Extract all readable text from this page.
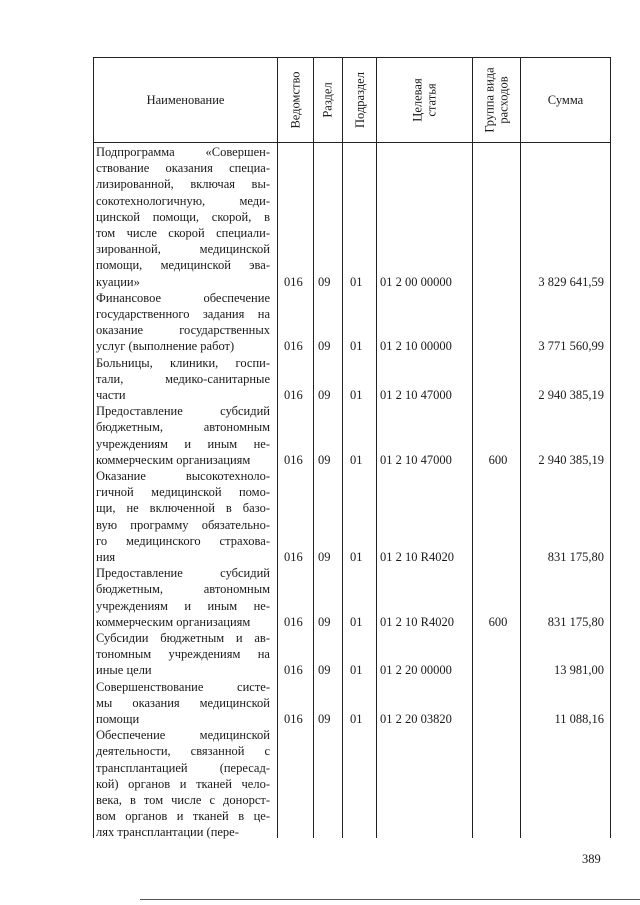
Наименование	Ведомство Раздел Подраздел	Целевая статья	Группа вида расходов	Сумма
Подпрограмма «Совершен-
ствование оказания специа-
лизированной, включая вы-
сокотехнологичную, меди-
цинской помощи, скорой, в
том числе скорой специали-
зированной, медицинской
помощи, медицинской эва-
куации»	016	09	01	01 2 00 00000	3 829 641,59
Финансовое обеспечение
государственного задания на
оказание государственных
услуг (выполнение работ)	016	09	01	01 2 10 00000	3 771 560,99
Больницы, клиники, госпи-
тали, медико-санитарные
части	016	09	01	01 2 10 47000	2 940 385,19
Предоставление субсидий
бюджетным, автономным
учреждениям и иным не-
коммерческим организациям	016	09	01	01 2 10 47000	600	2 940 385,19
Оказание высокотехноло-
гичной медицинской помо-
щи, не включенной в базо-
вую программу обязательно-
го медицинского страхова-
ния	016	09	01	01 2 10 R4020	831 175,80
Предоставление субсидий
бюджетным, автономным
учреждениям и иным не-
коммерческим организациям	016	09	01	01 2 10 R4020	600	831 175,80
Субсидии бюджетным и ав-
тономным учреждениям на
иные цели	016	09	01	01 2 20 00000	13 981,00
Совершенствование систе-
мы оказания медицинской
помощи	016	09	01	01 2 20 03820	11 088,16
Обеспечение медицинской
деятельности, связанной с
трансплантацией (пересад-
кой) органов и тканей чело-
века, в том числе с донорст-
вом органов и тканей в це-
лях трансплантации (пере-
389
